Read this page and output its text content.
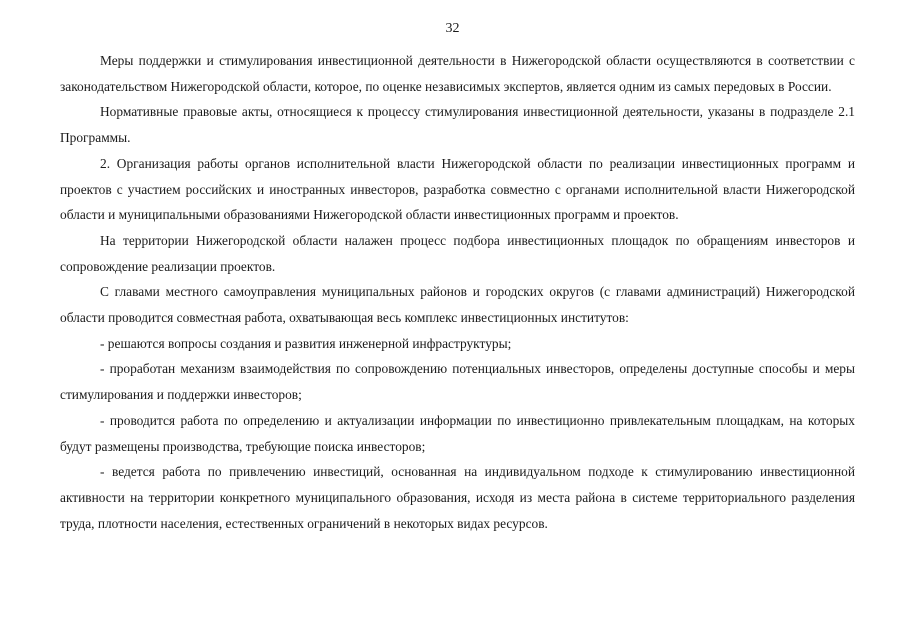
32

Меры поддержки и стимулирования инвестиционной деятельности в Нижегородской области осуществляются в соответствии с законодательством Нижегородской области, которое, по оценке независимых экспертов, является одним из самых передовых в России.

Нормативные правовые акты, относящиеся к процессу стимулирования инвестиционной деятельности, указаны в подразделе 2.1 Программы.

2. Организация работы органов исполнительной власти Нижегородской области по реализации инвестиционных программ и проектов с участием российских и иностранных инвесторов, разработка совместно с органами исполнительной власти Нижегородской области и муниципальными образованиями Нижегородской области инвестиционных программ и проектов.

На территории Нижегородской области налажен процесс подбора инвестиционных площадок по обращениям инвесторов и сопровождение реализации проектов.

С главами местного самоуправления муниципальных районов и городских округов (с главами администраций) Нижегородской области проводится совместная работа, охватывающая весь комплекс инвестиционных институтов:

- решаются вопросы создания и развития инженерной инфраструктуры;

- проработан механизм взаимодействия по сопровождению потенциальных инвесторов, определены доступные способы и меры стимулирования и поддержки инвесторов;

- проводится работа по определению и актуализации информации по инвестиционно привлекательным площадкам, на которых будут размещены производства, требующие поиска инвесторов;

- ведется работа по привлечению инвестиций, основанная на индивидуальном подходе к стимулированию инвестиционной активности на территории конкретного муниципального образования, исходя из места района в системе территориального разделения труда, плотности населения, естественных ограничений в некоторых видах ресурсов.
